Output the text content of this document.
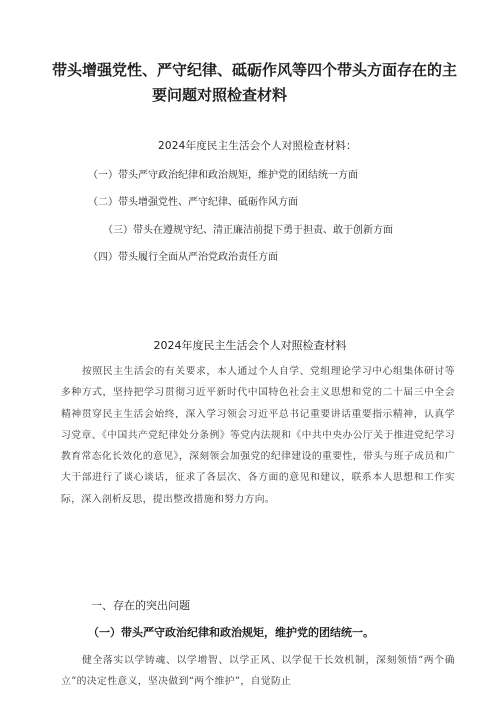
带头增强党性、严守纪律、砥砺作风等四个带头方面存在的主
要问题对照检查材料
2024年度民主生活会个人对照检查材料：
（一）带头严守政治纪律和政治规矩，维护党的团结统一方面
（二）带头增强党性、严守纪律、砥砺作风方面
（三）带头在遵规守纪、清正廉洁前提下勇于担责、敢于创新方面
（四）带头履行全面从严治党政治责任方面
2024年度民主生活会个人对照检查材料

按照民主生活会的有关要求，本人通过个人自学、党组理论学习中心组集体研讨等多种方式，坚持把学习贯彻习近平新时代中国特色社会主义思想和党的二十届三中全会精神贯穿民主生活会始终，深入学习领会习近平总书记重要讲话重要指示精神，认真学习党章、《中国共产党纪律处分条例》等党内法规和《中共中央办公厅关于推进党纪学习教育常态化长效化的意见》，深刻领会加强党的纪律建设的重要性，带头与班子成员和广大干部进行了谈心谈话，征求了各层次、各方面的意见和建议，联系本人思想和工作实际，深入剖析反思，提出整改措施和努力方向。

一、存在的突出问题
（一）带头严守政治纪律和政治规矩，维护党的团结统一。

健全落实以学铸魂、以学增智、以学正风、以学促干长效机制，深刻领悟“两个确立”的决定性意义，坚决做到“两个维护”，自觉防止
